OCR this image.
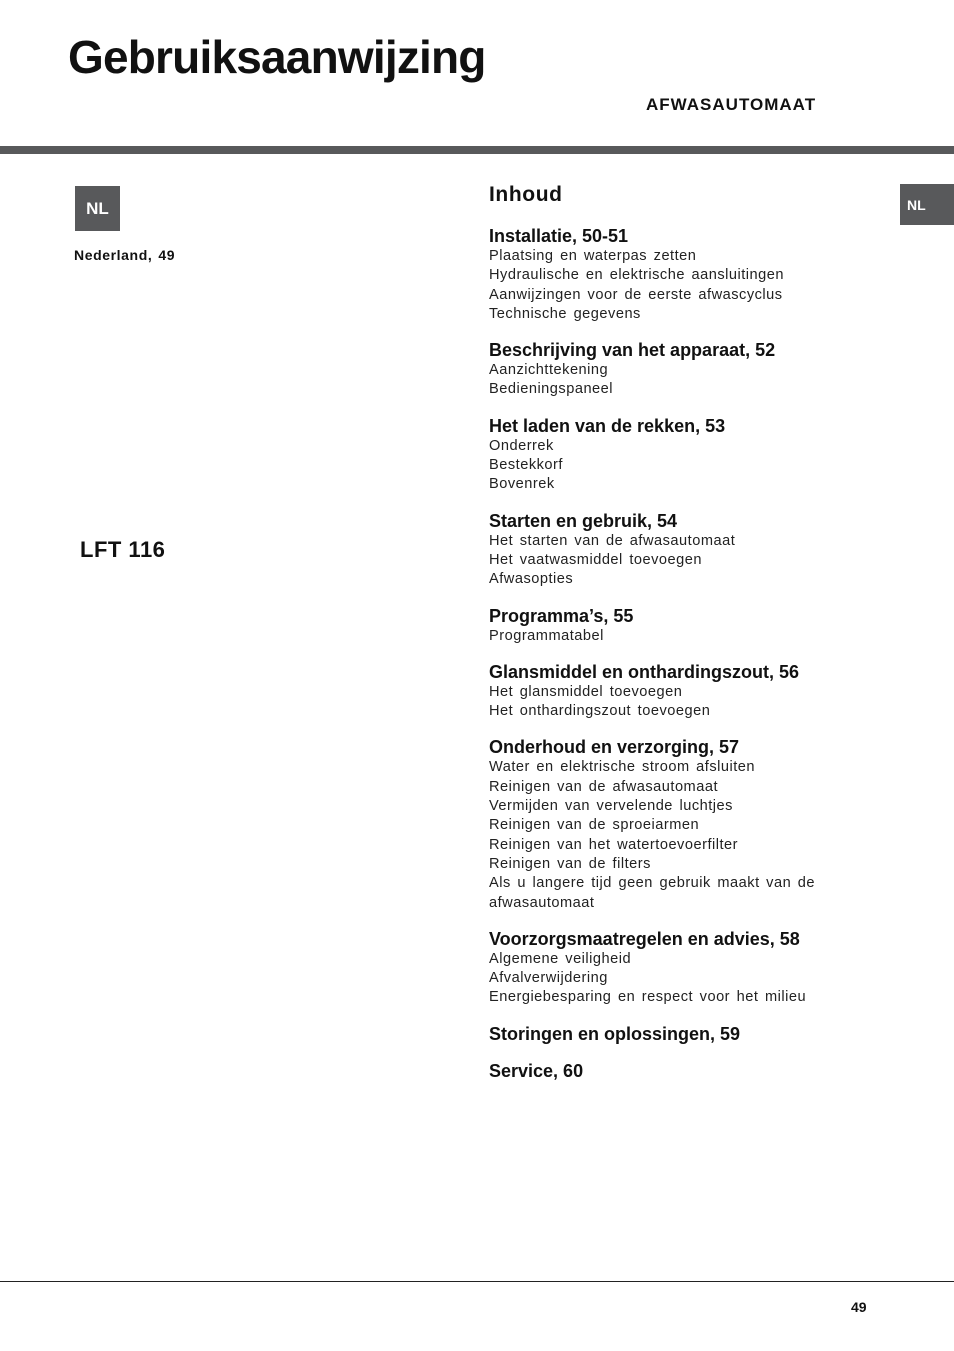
Gebruiksaanwijzing
AFWASAUTOMAAT
NL
Nederland, 49
LFT 116
NL
Inhoud
Installatie, 50-51
Plaatsing en waterpas zetten
Hydraulische en elektrische aansluitingen
Aanwijzingen voor de eerste afwascyclus
Technische gegevens
Beschrijving van het apparaat, 52
Aanzichttekening
Bedieningspaneel
Het laden van de rekken, 53
Onderrek
Bestekkorf
Bovenrek
Starten en gebruik, 54
Het starten van de afwasautomaat
Het vaatwasmiddel toevoegen
Afwasopties
Programma’s, 55
Programmatabel
Glansmiddel en onthardingszout, 56
Het glansmiddel toevoegen
Het onthardingszout toevoegen
Onderhoud en verzorging, 57
Water en elektrische stroom afsluiten
Reinigen van de afwasautomaat
Vermijden van vervelende luchtjes
Reinigen van de sproeiarmen
Reinigen van het watertoevoerfilter
Reinigen van de filters
Als u langere tijd geen gebruik maakt van de
afwasautomaat
Voorzorgsmaatregelen en advies, 58
Algemene veiligheid
Afvalverwijdering
Energiebesparing en respect voor het milieu
Storingen en oplossingen, 59
Service, 60
49
